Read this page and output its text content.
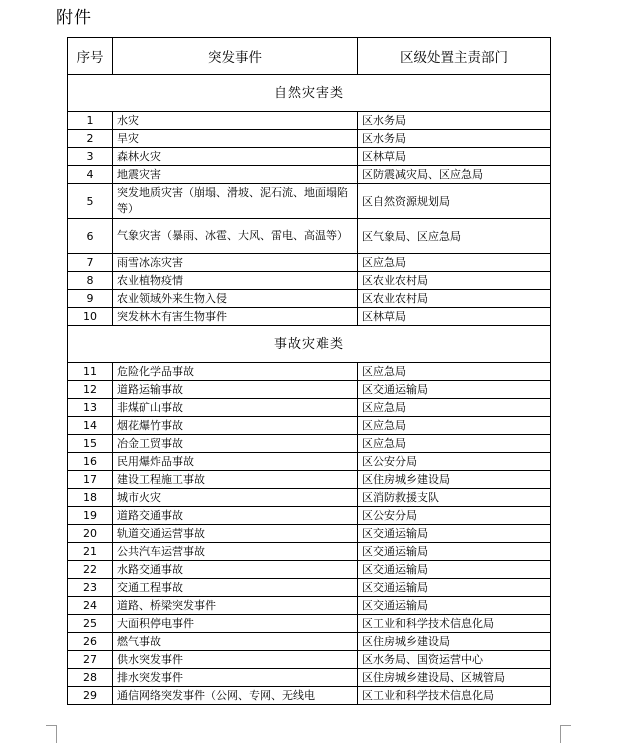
附件
序号	突发事件	区级处置主责部门
自然灾害类		
1	水灾	区水务局
2	旱灾	区水务局
3	森林火灾	区林草局
4	地震灾害	区防震减灾局、区应急局
5	突发地质灾害（崩塌、滑坡、泥石流、地面塌陷等）	区自然资源规划局
6	气象灾害（暴雨、冰雹、大风、雷电、高温等）	区气象局、区应急局
7	雨雪冰冻灾害	区应急局
8	农业植物疫情	区农业农村局
9	农业领域外来生物入侵	区农业农村局
10	突发林木有害生物事件	区林草局
事故灾难类		
11	危险化学品事故	区应急局
12	道路运输事故	区交通运输局
13	非煤矿山事故	区应急局
14	烟花爆竹事故	区应急局
15	冶金工贸事故	区应急局
16	民用爆炸品事故	区公安分局
17	建设工程施工事故	区住房城乡建设局
18	城市火灾	区消防救援支队
19	道路交通事故	区公安分局
20	轨道交通运营事故	区交通运输局
21	公共汽车运营事故	区交通运输局
22	水路交通事故	区交通运输局
23	交通工程事故	区交通运输局
24	道路、桥梁突发事件	区交通运输局
25	大面积停电事件	区工业和科学技术信息化局
26	燃气事故	区住房城乡建设局
27	供水突发事件	区水务局、国资运营中心
28	排水突发事件	区住房城乡建设局、区城管局
29	通信网络突发事件（公网、专网、无线电	区工业和科学技术信息化局
